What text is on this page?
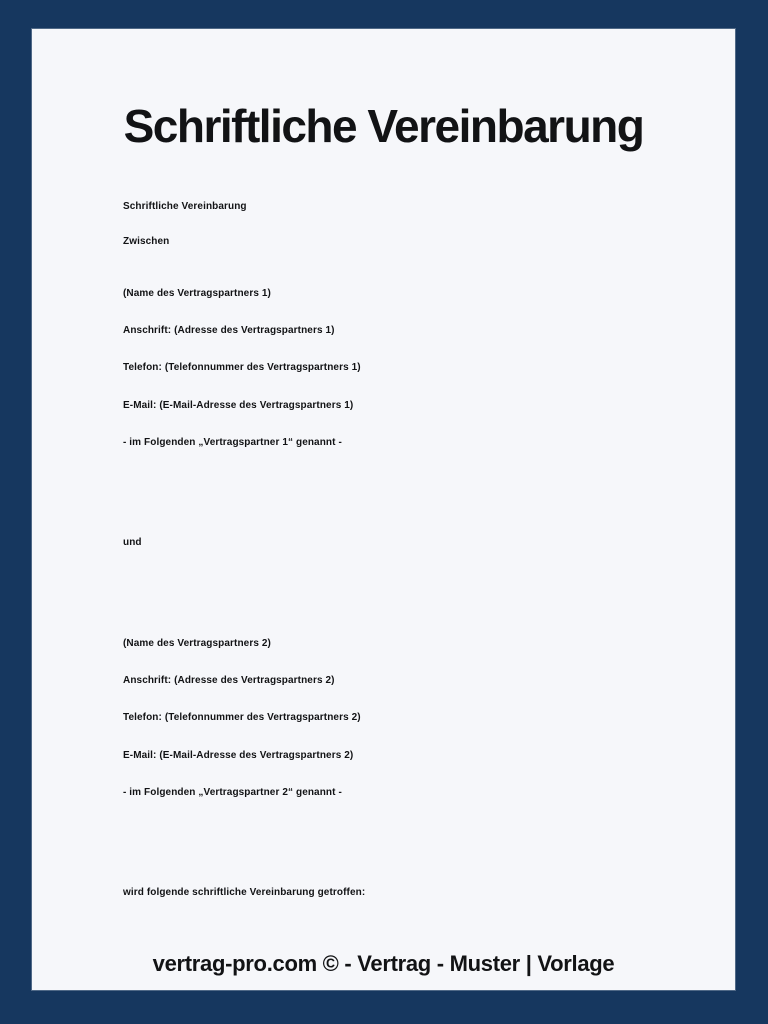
Schriftliche Vereinbarung

Schriftliche Vereinbarung

Zwischen

(Name des Vertragspartners 1)

Anschrift: (Adresse des Vertragspartners 1)

Telefon: (Telefonnummer des Vertragspartners 1)

E-Mail: (E-Mail-Adresse des Vertragspartners 1)

- im Folgenden „Vertragspartner 1“ genannt -

und

(Name des Vertragspartners 2)

Anschrift: (Adresse des Vertragspartners 2)

Telefon: (Telefonnummer des Vertragspartners 2)

E-Mail: (E-Mail-Adresse des Vertragspartners 2)

- im Folgenden „Vertragspartner 2“ genannt -

wird folgende schriftliche Vereinbarung getroffen:

vertrag-pro.com © - Vertrag - Muster | Vorlage
